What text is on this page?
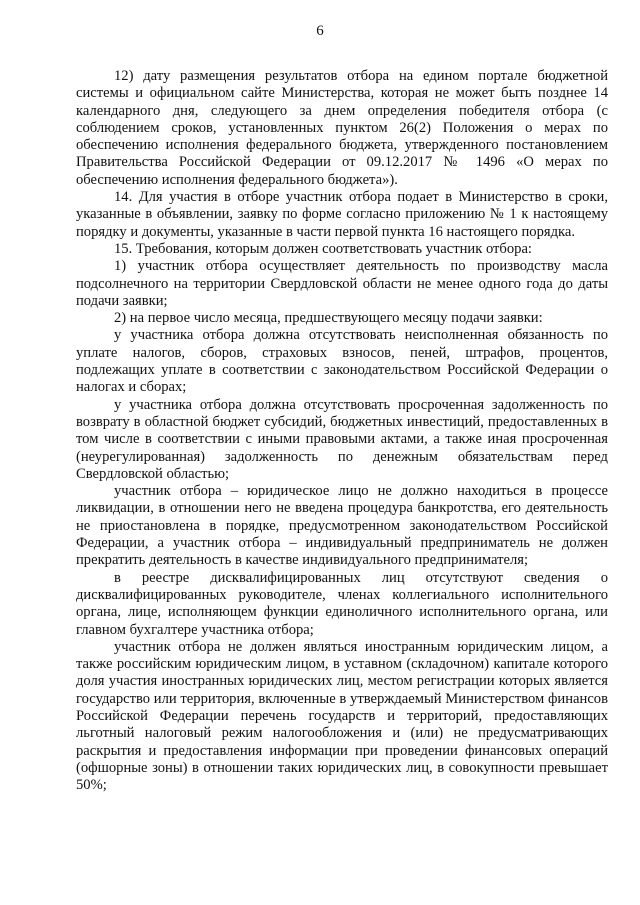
6

12) дату размещения результатов отбора на едином портале бюджетной системы и официальном сайте Министерства, которая не может быть позднее 14 календарного дня, следующего за днем определения победителя отбора (с соблюдением сроков, установленных пунктом 26(2) Положения о мерах по обеспечению исполнения федерального бюджета, утвержденного постановлением Правительства Российской Федерации от 09.12.2017 № 1496 «О мерах по обеспечению исполнения федерального бюджета»).

14. Для участия в отборе участник отбора подает в Министерство в сроки, указанные в объявлении, заявку по форме согласно приложению № 1 к настоящему порядку и документы, указанные в части первой пункта 16 настоящего порядка.

15. Требования, которым должен соответствовать участник отбора:

1) участник отбора осуществляет деятельность по производству масла подсолнечного на территории Свердловской области не менее одного года до даты подачи заявки;

2) на первое число месяца, предшествующего месяцу подачи заявки:

у участника отбора должна отсутствовать неисполненная обязанность по уплате налогов, сборов, страховых взносов, пеней, штрафов, процентов, подлежащих уплате в соответствии с законодательством Российской Федерации о налогах и сборах;

у участника отбора должна отсутствовать просроченная задолженность по возврату в областной бюджет субсидий, бюджетных инвестиций, предоставленных в том числе в соответствии с иными правовыми актами, а также иная просроченная (неурегулированная) задолженность по денежным обязательствам перед Свердловской областью;

участник отбора – юридическое лицо не должно находиться в процессе ликвидации, в отношении него не введена процедура банкротства, его деятельность не приостановлена в порядке, предусмотренном законодательством Российской Федерации, а участник отбора – индивидуальный предприниматель не должен прекратить деятельность в качестве индивидуального предпринимателя;

в реестре дисквалифицированных лиц отсутствуют сведения о дисквалифицированных руководителе, членах коллегиального исполнительного органа, лице, исполняющем функции единоличного исполнительного органа, или главном бухгалтере участника отбора;

участник отбора не должен являться иностранным юридическим лицом, а также российским юридическим лицом, в уставном (складочном) капитале которого доля участия иностранных юридических лиц, местом регистрации которых является государство или территория, включенные в утверждаемый Министерством финансов Российской Федерации перечень государств и территорий, предоставляющих льготный налоговый режим налогообложения и (или) не предусматривающих раскрытия и предоставления информации при проведении финансовых операций (офшорные зоны) в отношении таких юридических лиц, в совокупности превышает 50%;
